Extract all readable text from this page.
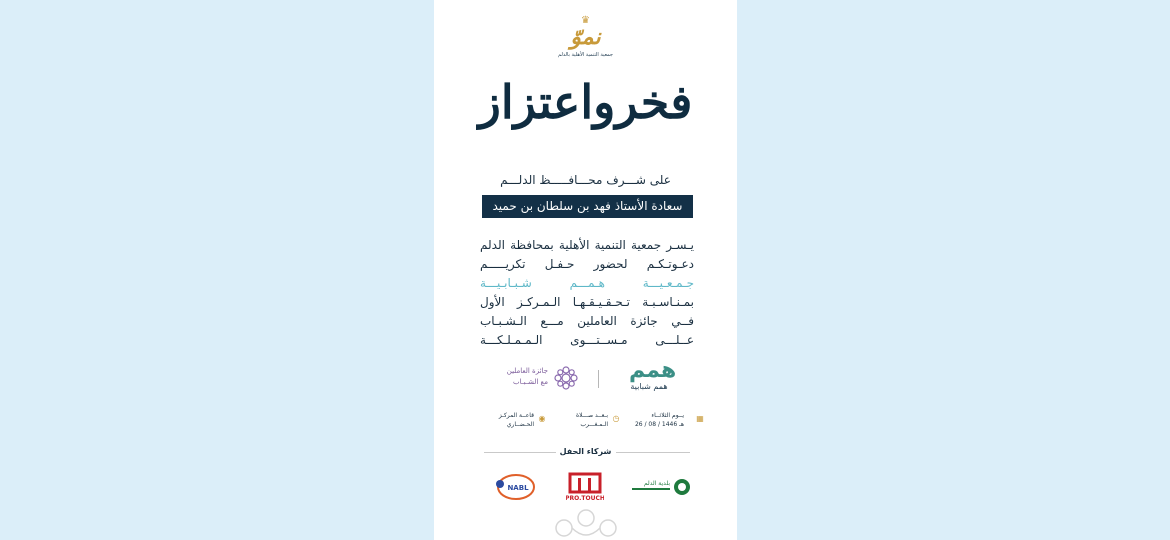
♛
نموّ
جمعية التنمية الأهلية بالدلم
فخرواعتزاز
على شـــرف محـــافـــــظ الدلـــم
سعادة الأستاذ فهد بن سلطان بن حميد
يـسـر جمعية التنمية الأهلية بمحافظة الدلم
دعـوتـكـم لحضور حـفـل تكريـــــم
جـمـعـيـــة هـمـــم شـبـابـيـــة
بمـنـاسـبـة تـحـقـيـقـهـا الـمـركـز الأول
فــي جائزة العاملين مـــع الـشـبـاب
عــلـــى مـســتـــوى الـمـمـلـكـــة
همم
همم شبابية
جائزة العاملين
مع الشـبـاب
▦
يــوم الثلاثــاء
26 / 08 / 1446 هـ
◷
بـعــد صـــلاة
الـمـغـــرب
◉
قاعــة المركـز
الحـضــاري
شركاء الحفل
بلدية الدلم
PRO.TOUCH
NABL
